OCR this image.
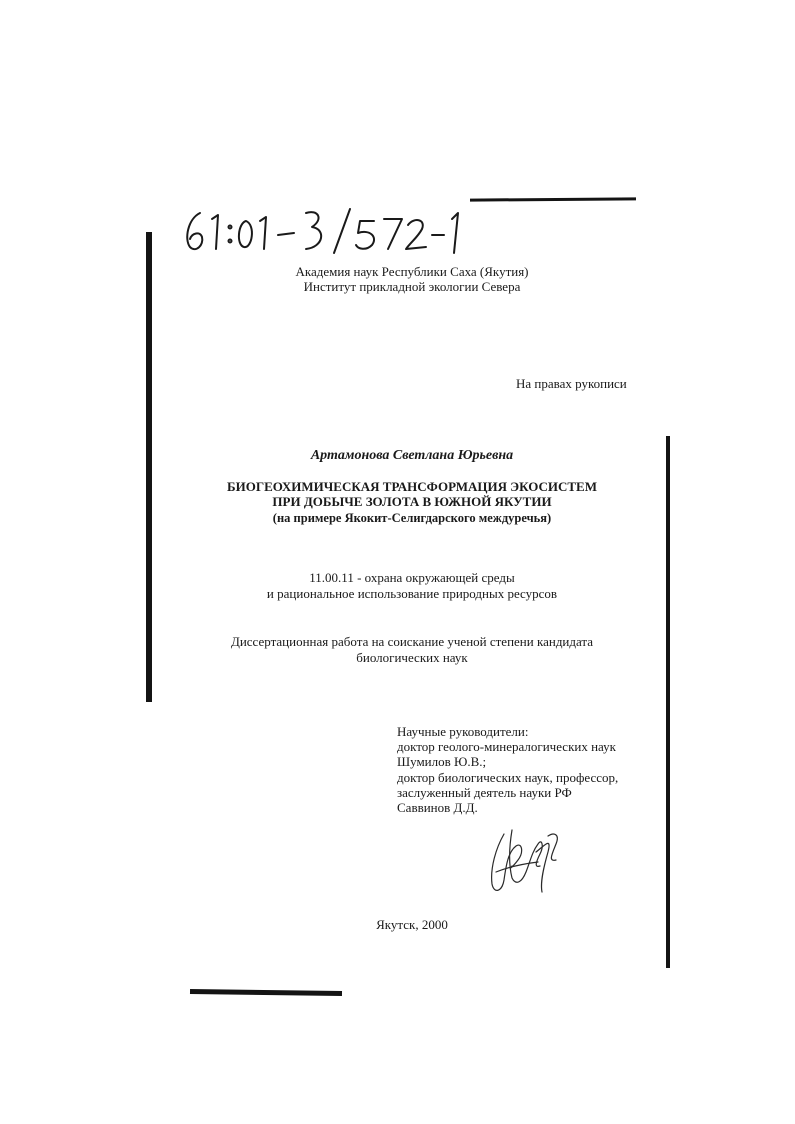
Академия наук Республики Саха (Якутия)
Институт прикладной экологии Севера
На правах рукописи
Артамонова Светлана Юрьевна
БИОГЕОХИМИЧЕСКАЯ ТРАНСФОРМАЦИЯ ЭКОСИСТЕМ
ПРИ ДОБЫЧЕ ЗОЛОТА В ЮЖНОЙ ЯКУТИИ
(на примере Якокит-Селигдарского междуречья)
11.00.11 - охрана окружающей среды
и рациональное использование природных ресурсов
Диссертационная работа на соискание ученой степени кандидата
биологических наук
Научные руководители:
доктор геолого-минералогических наук
Шумилов Ю.В.;
доктор биологических наук, профессор,
заслуженный деятель науки РФ
Саввинов Д.Д.
Якутск, 2000
